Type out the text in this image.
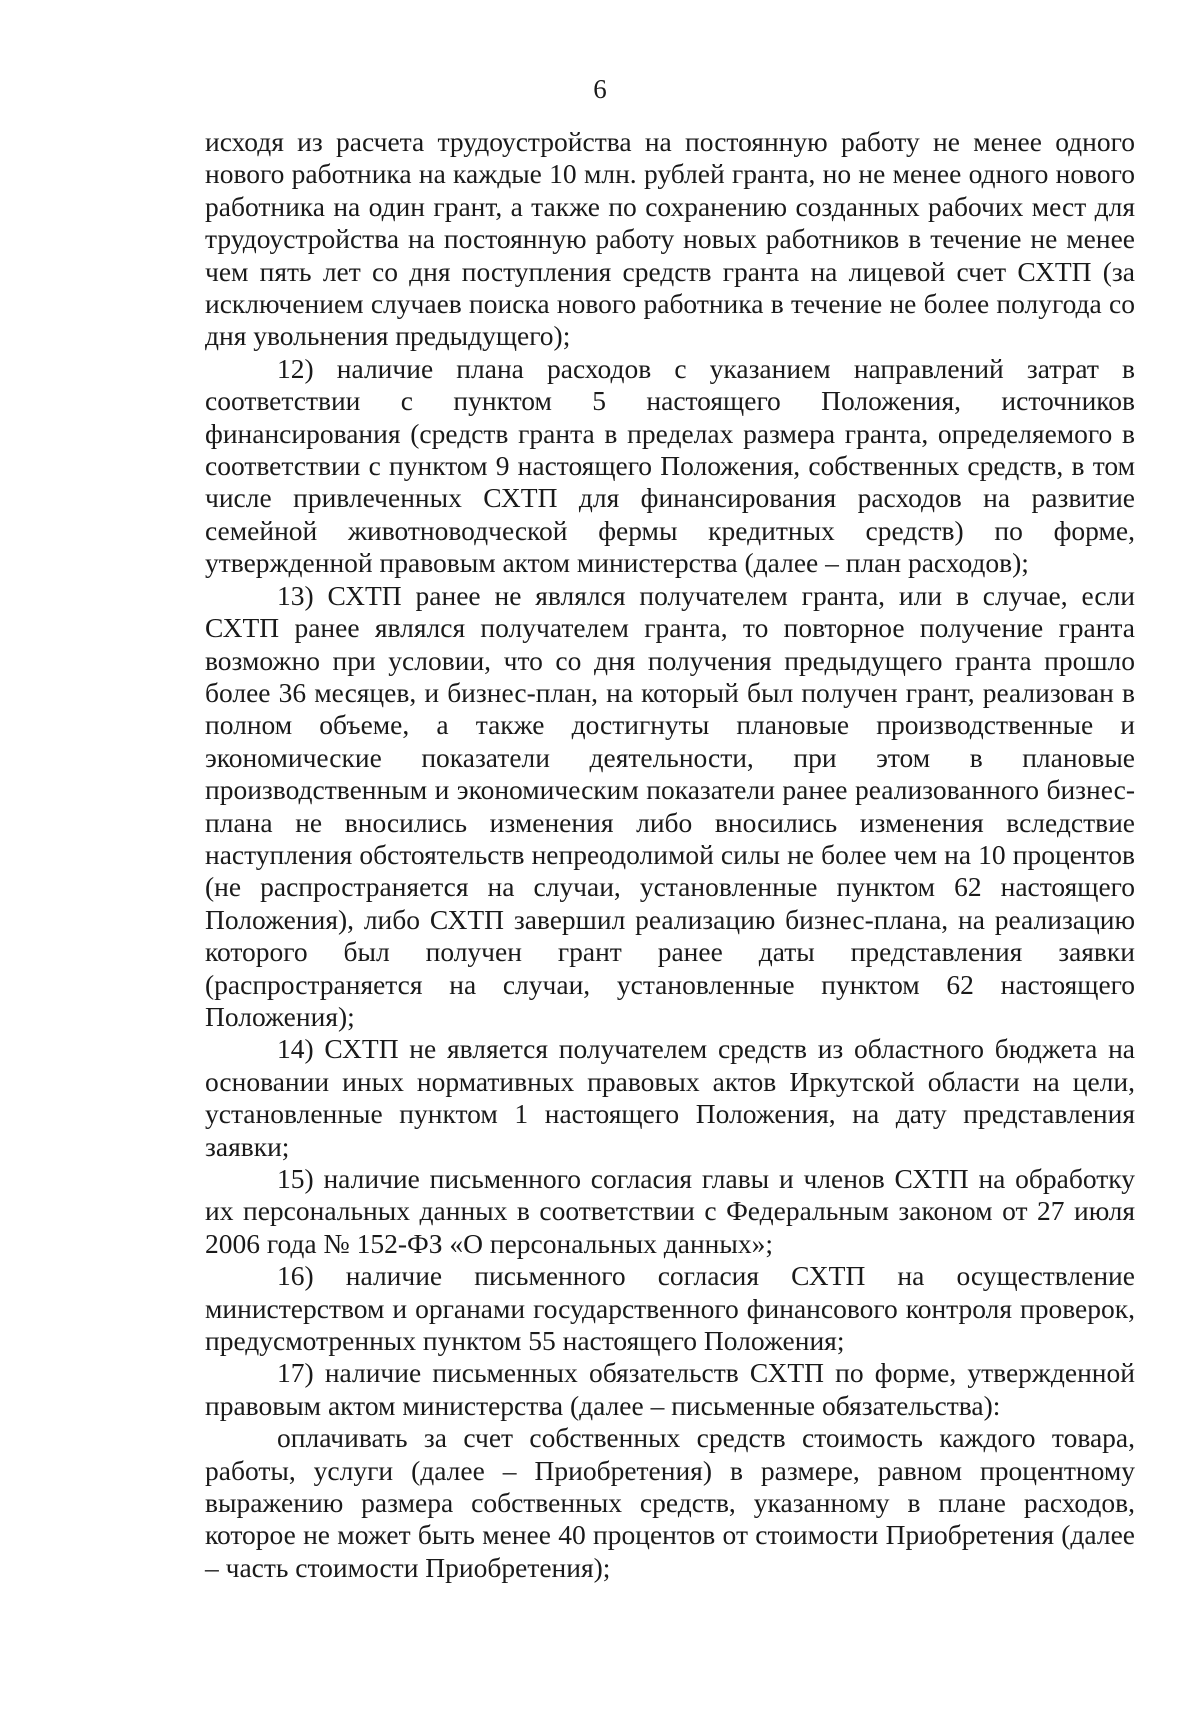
6

исходя из расчета трудоустройства на постоянную работу не менее одного нового работника на каждые 10 млн. рублей гранта, но не менее одного нового работника на один грант, а также по сохранению созданных рабочих мест для трудоустройства на постоянную работу новых работников в течение не менее чем пять лет со дня поступления средств гранта на лицевой счет СХТП (за исключением случаев поиска нового работника в течение не более полугода со дня увольнения предыдущего);

12) наличие плана расходов с указанием направлений затрат в соответствии с пунктом 5 настоящего Положения, источников финансирования (средств гранта в пределах размера гранта, определяемого в соответствии с пунктом 9 настоящего Положения, собственных средств, в том числе привлеченных СХТП для финансирования расходов на развитие семейной животноводческой фермы кредитных средств) по форме, утвержденной правовым актом министерства (далее – план расходов);

13) СХТП ранее не являлся получателем гранта, или в случае, если СХТП ранее являлся получателем гранта, то повторное получение гранта возможно при условии, что со дня получения предыдущего гранта прошло более 36 месяцев, и бизнес-план, на который был получен грант, реализован в полном объеме, а также достигнуты плановые производственные и экономические показатели деятельности, при этом в плановые производственным и экономическим показатели ранее реализованного бизнес-плана не вносились изменения либо вносились изменения вследствие наступления обстоятельств непреодолимой силы не более чем на 10 процентов (не распространяется на случаи, установленные пунктом 62 настоящего Положения), либо СХТП завершил реализацию бизнес-плана, на реализацию которого был получен грант ранее даты представления заявки (распространяется на случаи, установленные пунктом 62 настоящего Положения);

14) СХТП не является получателем средств из областного бюджета на основании иных нормативных правовых актов Иркутской области на цели, установленные пунктом 1 настоящего Положения, на дату представления заявки;

15) наличие письменного согласия главы и членов СХТП на обработку их персональных данных в соответствии с Федеральным законом от 27 июля 2006 года № 152-ФЗ «О персональных данных»;

16) наличие письменного согласия СХТП на осуществление министерством и органами государственного финансового контроля проверок, предусмотренных пунктом 55 настоящего Положения;

17) наличие письменных обязательств СХТП по форме, утвержденной правовым актом министерства (далее – письменные обязательства):

оплачивать за счет собственных средств стоимость каждого товара, работы, услуги (далее – Приобретения) в размере, равном процентному выражению размера собственных средств, указанному в плане расходов, которое не может быть менее 40 процентов от стоимости Приобретения (далее – часть стоимости Приобретения);
